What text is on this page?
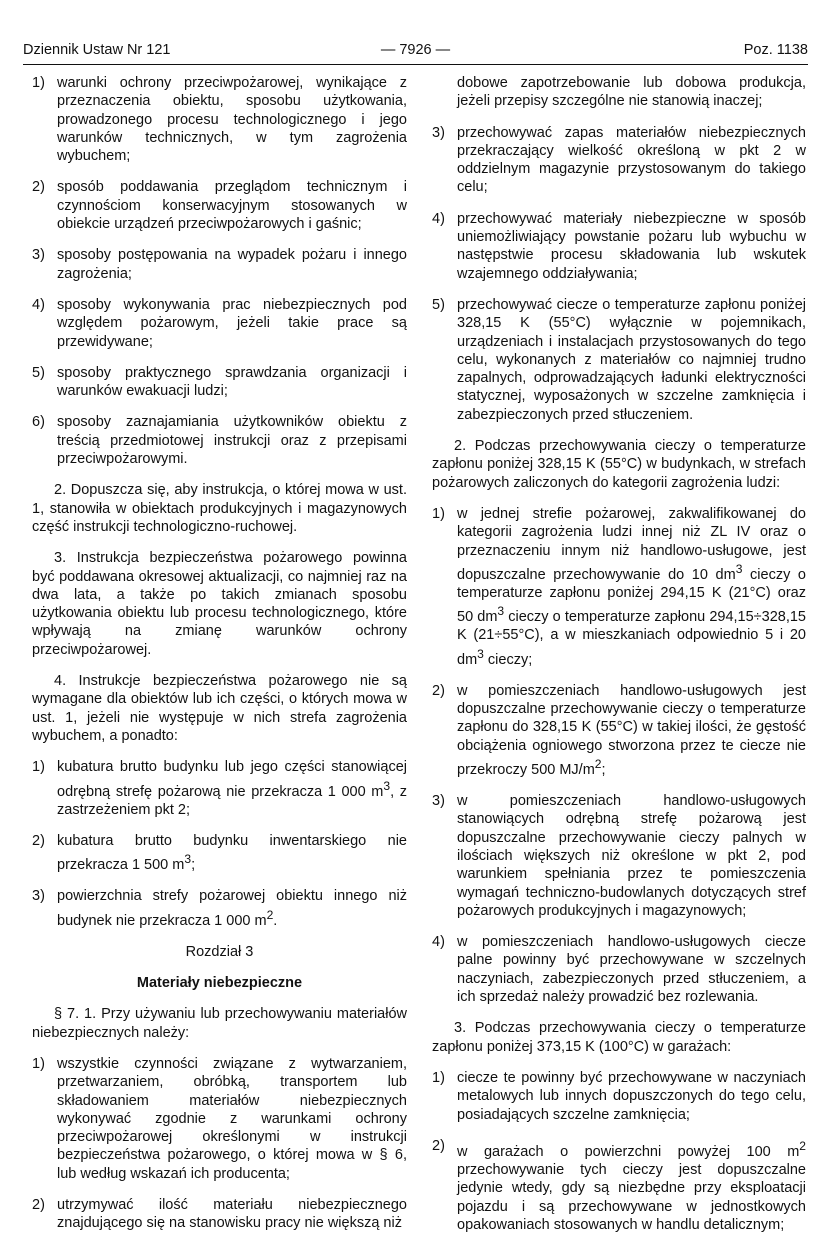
Dziennik Ustaw Nr 121	— 7926 —	Poz. 1138
1) warunki ochrony przeciwpożarowej, wynikające z przeznaczenia obiektu, sposobu użytkowania, prowadzonego procesu technologicznego i jego warunków technicznych, w tym zagrożenia wybuchem;
2) sposób poddawania przeglądom technicznym i czynnościom konserwacyjnym stosowanych w obiekcie urządzeń przeciwpożarowych i gaśnic;
3) sposoby postępowania na wypadek pożaru i innego zagrożenia;
4) sposoby wykonywania prac niebezpiecznych pod względem pożarowym, jeżeli takie prace są przewidywane;
5) sposoby praktycznego sprawdzania organizacji i warunków ewakuacji ludzi;
6) sposoby zaznajamiania użytkowników obiektu z treścią przedmiotowej instrukcji oraz z przepisami przeciwpożarowymi.
2. Dopuszcza się, aby instrukcja, o której mowa w ust. 1, stanowiła w obiektach produkcyjnych i magazynowych część instrukcji technologiczno-ruchowej.
3. Instrukcja bezpieczeństwa pożarowego powinna być poddawana okresowej aktualizacji, co najmniej raz na dwa lata, a także po takich zmianach sposobu użytkowania obiektu lub procesu technologicznego, które wpływają na zmianę warunków ochrony przeciwpożarowej.
4. Instrukcje bezpieczeństwa pożarowego nie są wymagane dla obiektów lub ich części, o których mowa w ust. 1, jeżeli nie występuje w nich strefa zagrożenia wybuchem, a ponadto:
1) kubatura brutto budynku lub jego części stanowiącej odrębną strefę pożarową nie przekracza 1 000 $m^3$, z zastrzeżeniem pkt 2;
2) kubatura brutto budynku inwentarskiego nie przekracza 1 500 $m^3$;
3) powierzchnia strefy pożarowej obiektu innego niż budynek nie przekracza 1 000 $m^2$.
Rozdział 3
Materiały niebezpieczne
§ 7. 1. Przy używaniu lub przechowywaniu materiałów niebezpiecznych należy:
1) wszystkie czynności związane z wytwarzaniem, przetwarzaniem, obróbką, transportem lub składowaniem materiałów niebezpiecznych wykonywać zgodnie z warunkami ochrony przeciwpożarowej określonymi w instrukcji bezpieczeństwa pożarowego, o której mowa w § 6, lub według wskazań ich producenta;
2) utrzymywać ilość materiału niebezpiecznego znajdującego się na stanowisku pracy nie większą niż
dobowe zapotrzebowanie lub dobowa produkcja, jeżeli przepisy szczególne nie stanowią inaczej;
3) przechowywać zapas materiałów niebezpiecznych przekraczający wielkość określoną w pkt 2 w oddzielnym magazynie przystosowanym do takiego celu;
4) przechowywać materiały niebezpieczne w sposób uniemożliwiający powstanie pożaru lub wybuchu w następstwie procesu składowania lub wskutek wzajemnego oddziaływania;
5) przechowywać ciecze o temperaturze zapłonu poniżej 328,15 K (55°C) wyłącznie w pojemnikach, urządzeniach i instalacjach przystosowanych do tego celu, wykonanych z materiałów co najmniej trudno zapalnych, odprowadzających ładunki elektryczności statycznej, wyposażonych w szczelne zamknięcia i zabezpieczonych przed stłuczeniem.
2. Podczas przechowywania cieczy o temperaturze zapłonu poniżej 328,15 K (55°C) w budynkach, w strefach pożarowych zaliczonych do kategorii zagrożenia ludzi:
1) w jednej strefie pożarowej, zakwalifikowanej do kategorii zagrożenia ludzi innej niż ZL IV oraz o przeznaczeniu innym niż handlowo-usługowe, jest dopuszczalne przechowywanie do 10 $dm^3$ cieczy o temperaturze zapłonu poniżej 294,15 K (21°C) oraz 50 $dm^3$ cieczy o temperaturze zapłonu 294,15÷328,15 K (21÷55°C), a w mieszkaniach odpowiednio 5 i 20 $dm^3$ cieczy;
2) w pomieszczeniach handlowo-usługowych jest dopuszczalne przechowywanie cieczy o temperaturze zapłonu do 328,15 K (55°C) w takiej ilości, że gęstość obciążenia ogniowego stworzona przez te ciecze nie przekroczy 500 $MJ/m^2$;
3) w pomieszczeniach handlowo-usługowych stanowiących odrębną strefę pożarową jest dopuszczalne przechowywanie cieczy palnych w ilościach większych niż określone w pkt 2, pod warunkiem spełniania przez te pomieszczenia wymagań techniczno-budowlanych dotyczących stref pożarowych produkcyjnych i magazynowych;
4) w pomieszczeniach handlowo-usługowych ciecze palne powinny być przechowywane w szczelnych naczyniach, zabezpieczonych przed stłuczeniem, a ich sprzedaż należy prowadzić bez rozlewania.
3. Podczas przechowywania cieczy o temperaturze zapłonu poniżej 373,15 K (100°C) w garażach:
1) ciecze te powinny być przechowywane w naczyniach metalowych lub innych dopuszczonych do tego celu, posiadających szczelne zamknięcia;
2) w garażach o powierzchni powyżej 100 $m^2$ przechowywanie tych cieczy jest dopuszczalne jedynie wtedy, gdy są niezbędne przy eksploatacji pojazdu i są przechowywane w jednostkowych opakowaniach stosowanych w handlu detalicznym;
